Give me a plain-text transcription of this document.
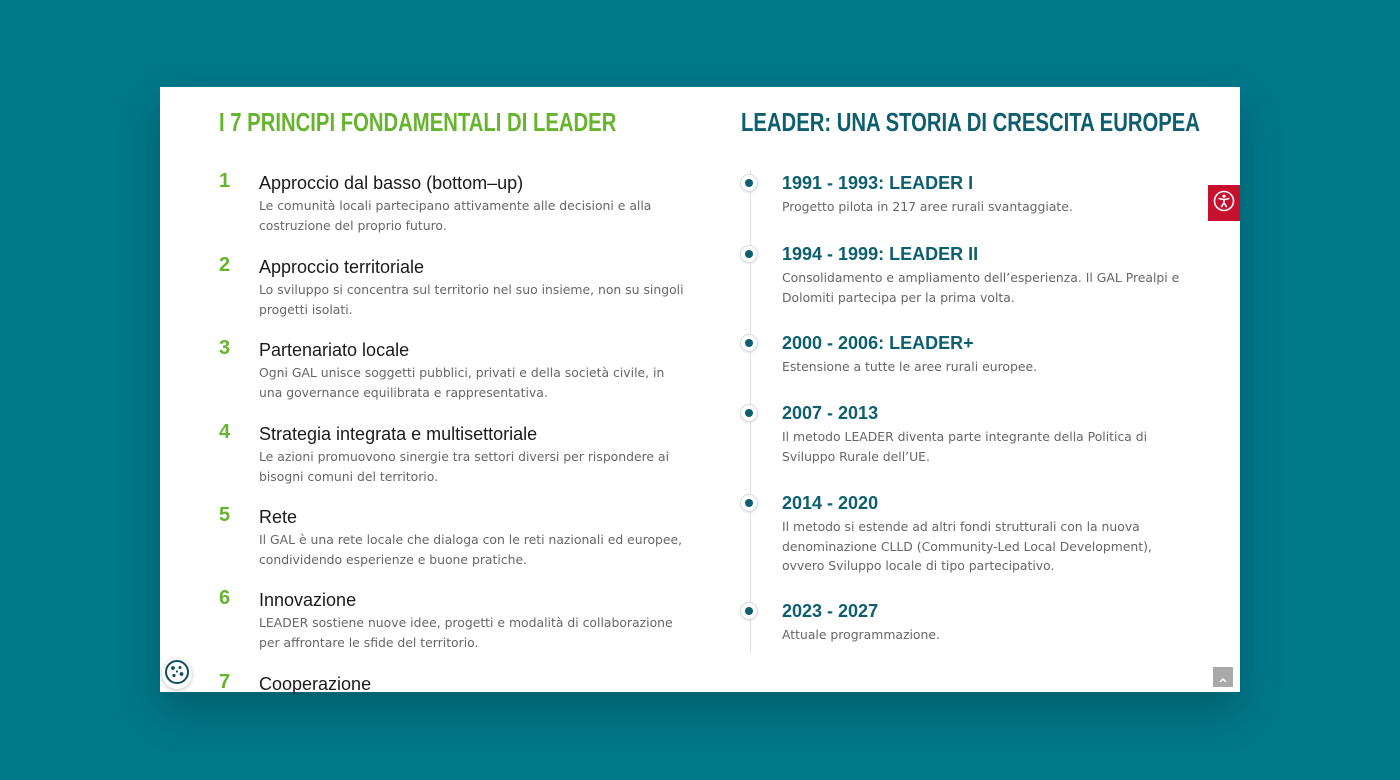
I 7 PRINCIPI FONDAMENTALI DI LEADER	LEADER: UNA STORIA DI CRESCITA EUROPEA
1	Approccio dal basso (bottom–up)
Le comunità locali partecipano attivamente alle decisioni e alla costruzione del proprio futuro.
2	Approccio territoriale
Lo sviluppo si concentra sul territorio nel suo insieme, non su singoli progetti isolati.
3	Partenariato locale
Ogni GAL unisce soggetti pubblici, privati e della società civile, in una governance equilibrata e rappresentativa.
4	Strategia integrata e multisettoriale
Le azioni promuovono sinergie tra settori diversi per rispondere ai bisogni comuni del territorio.
5	Rete
Il GAL è una rete locale che dialoga con le reti nazionali ed europee, condividendo esperienze e buone pratiche.
6	Innovazione
LEADER sostiene nuove idee, progetti e modalità di collaborazione per affrontare le sfide del territorio.
7	Cooperazione
1991 - 1993: LEADER I
Progetto pilota in 217 aree rurali svantaggiate.
1994 - 1999: LEADER II
Consolidamento e ampliamento dell’esperienza. Il GAL Prealpi e Dolomiti partecipa per la prima volta.
2000 - 2006: LEADER+
Estensione a tutte le aree rurali europee.
2007 - 2013
Il metodo LEADER diventa parte integrante della Politica di Sviluppo Rurale dell’UE.
2014 - 2020
Il metodo si estende ad altri fondi strutturali con la nuova denominazione CLLD (Community-Led Local Development), ovvero Sviluppo locale di tipo partecipativo.
2023 - 2027
Attuale programmazione.
